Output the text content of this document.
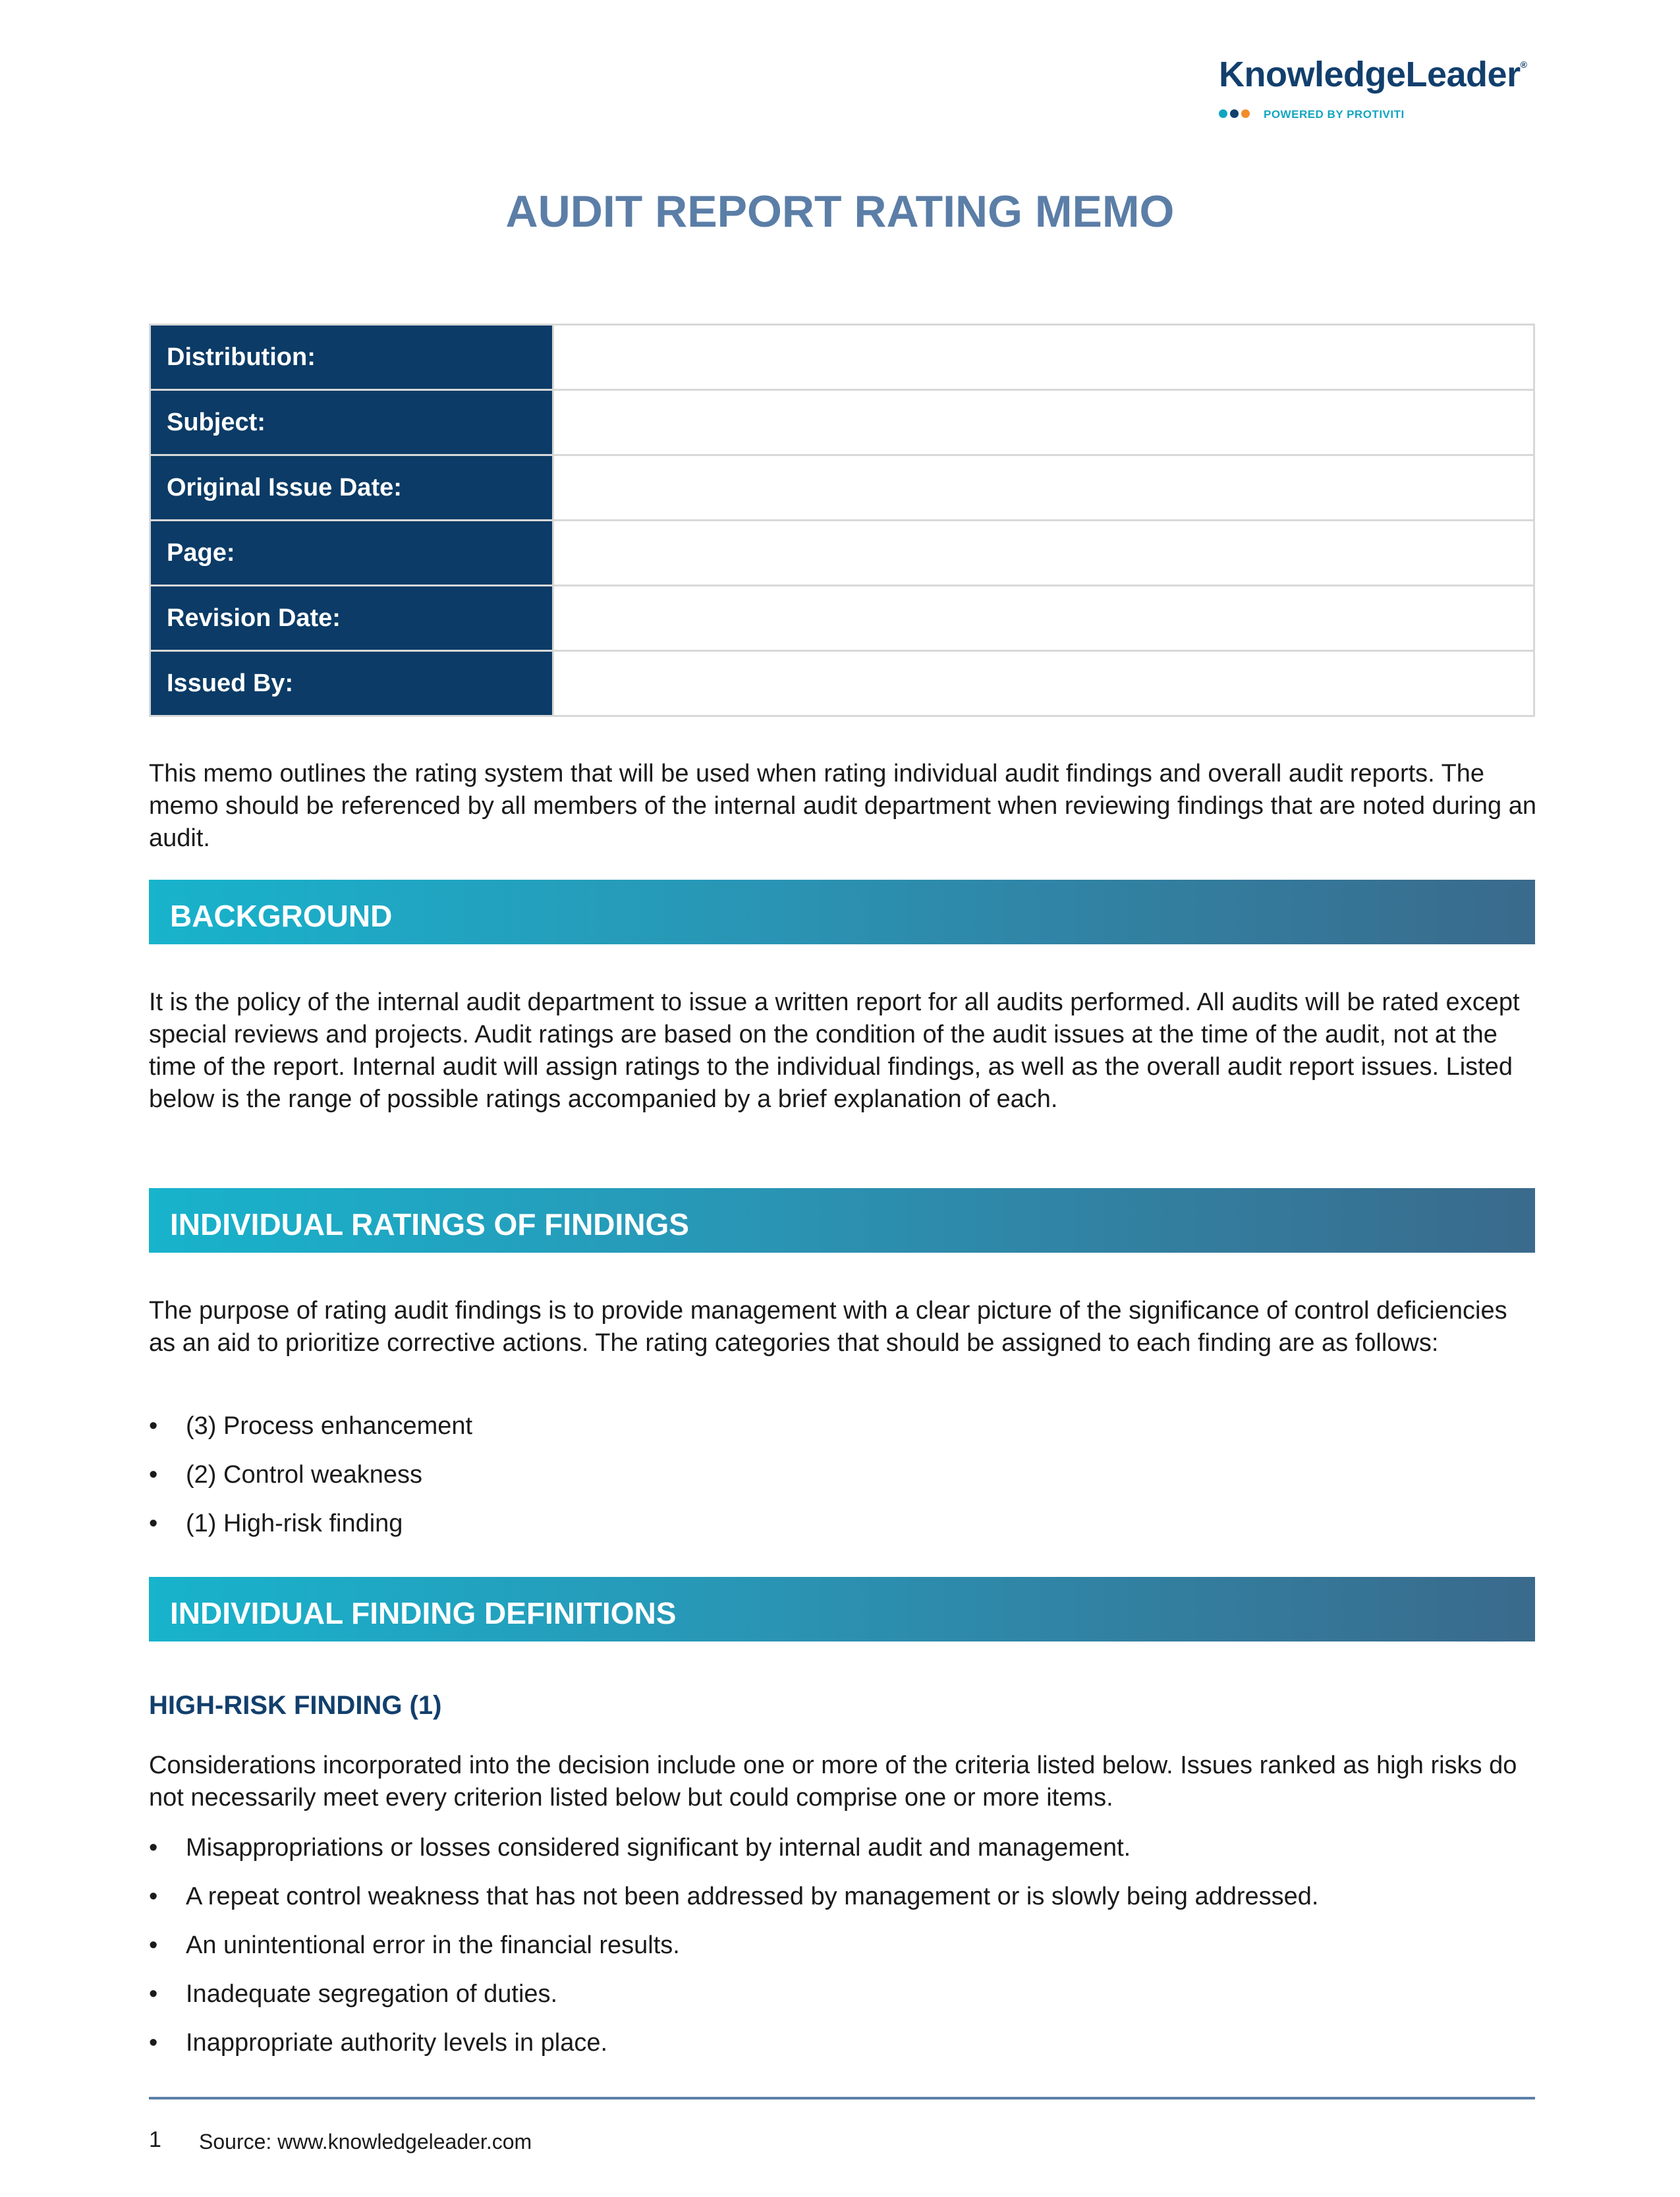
KnowledgeLeader®
POWERED BY PROTIVITI
AUDIT REPORT RATING MEMO
Distribution:	
Subject:	
Original Issue Date:	
Page:	
Revision Date:	
Issued By:	

This memo outlines the rating system that will be used when rating individual audit findings and overall audit reports. The memo should be referenced by all members of the internal audit department when reviewing findings that are noted during an audit.

BACKGROUND

It is the policy of the internal audit department to issue a written report for all audits performed. All audits will be rated except special reviews and projects. Audit ratings are based on the condition of the audit issues at the time of the audit, not at the time of the report. Internal audit will assign ratings to the individual findings, as well as the overall audit report issues. Listed below is the range of possible ratings accompanied by a brief explanation of each.

INDIVIDUAL RATINGS OF FINDINGS

The purpose of rating audit findings is to provide management with a clear picture of the significance of control deficiencies as an aid to prioritize corrective actions. The rating categories that should be assigned to each finding are as follows:

• (3) Process enhancement
• (2) Control weakness
• (1) High-risk finding
INDIVIDUAL FINDING DEFINITIONS
HIGH-RISK FINDING (1)

Considerations incorporated into the decision include one or more of the criteria listed below. Issues ranked as high risks do not necessarily meet every criterion listed below but could comprise one or more items.

• Misappropriations or losses considered significant by internal audit and management.
• A repeat control weakness that has not been addressed by management or is slowly being addressed.
• An unintentional error in the financial results.
• Inadequate segregation of duties.
• Inappropriate authority levels in place.
1 Source: www.knowledgeleader.com
